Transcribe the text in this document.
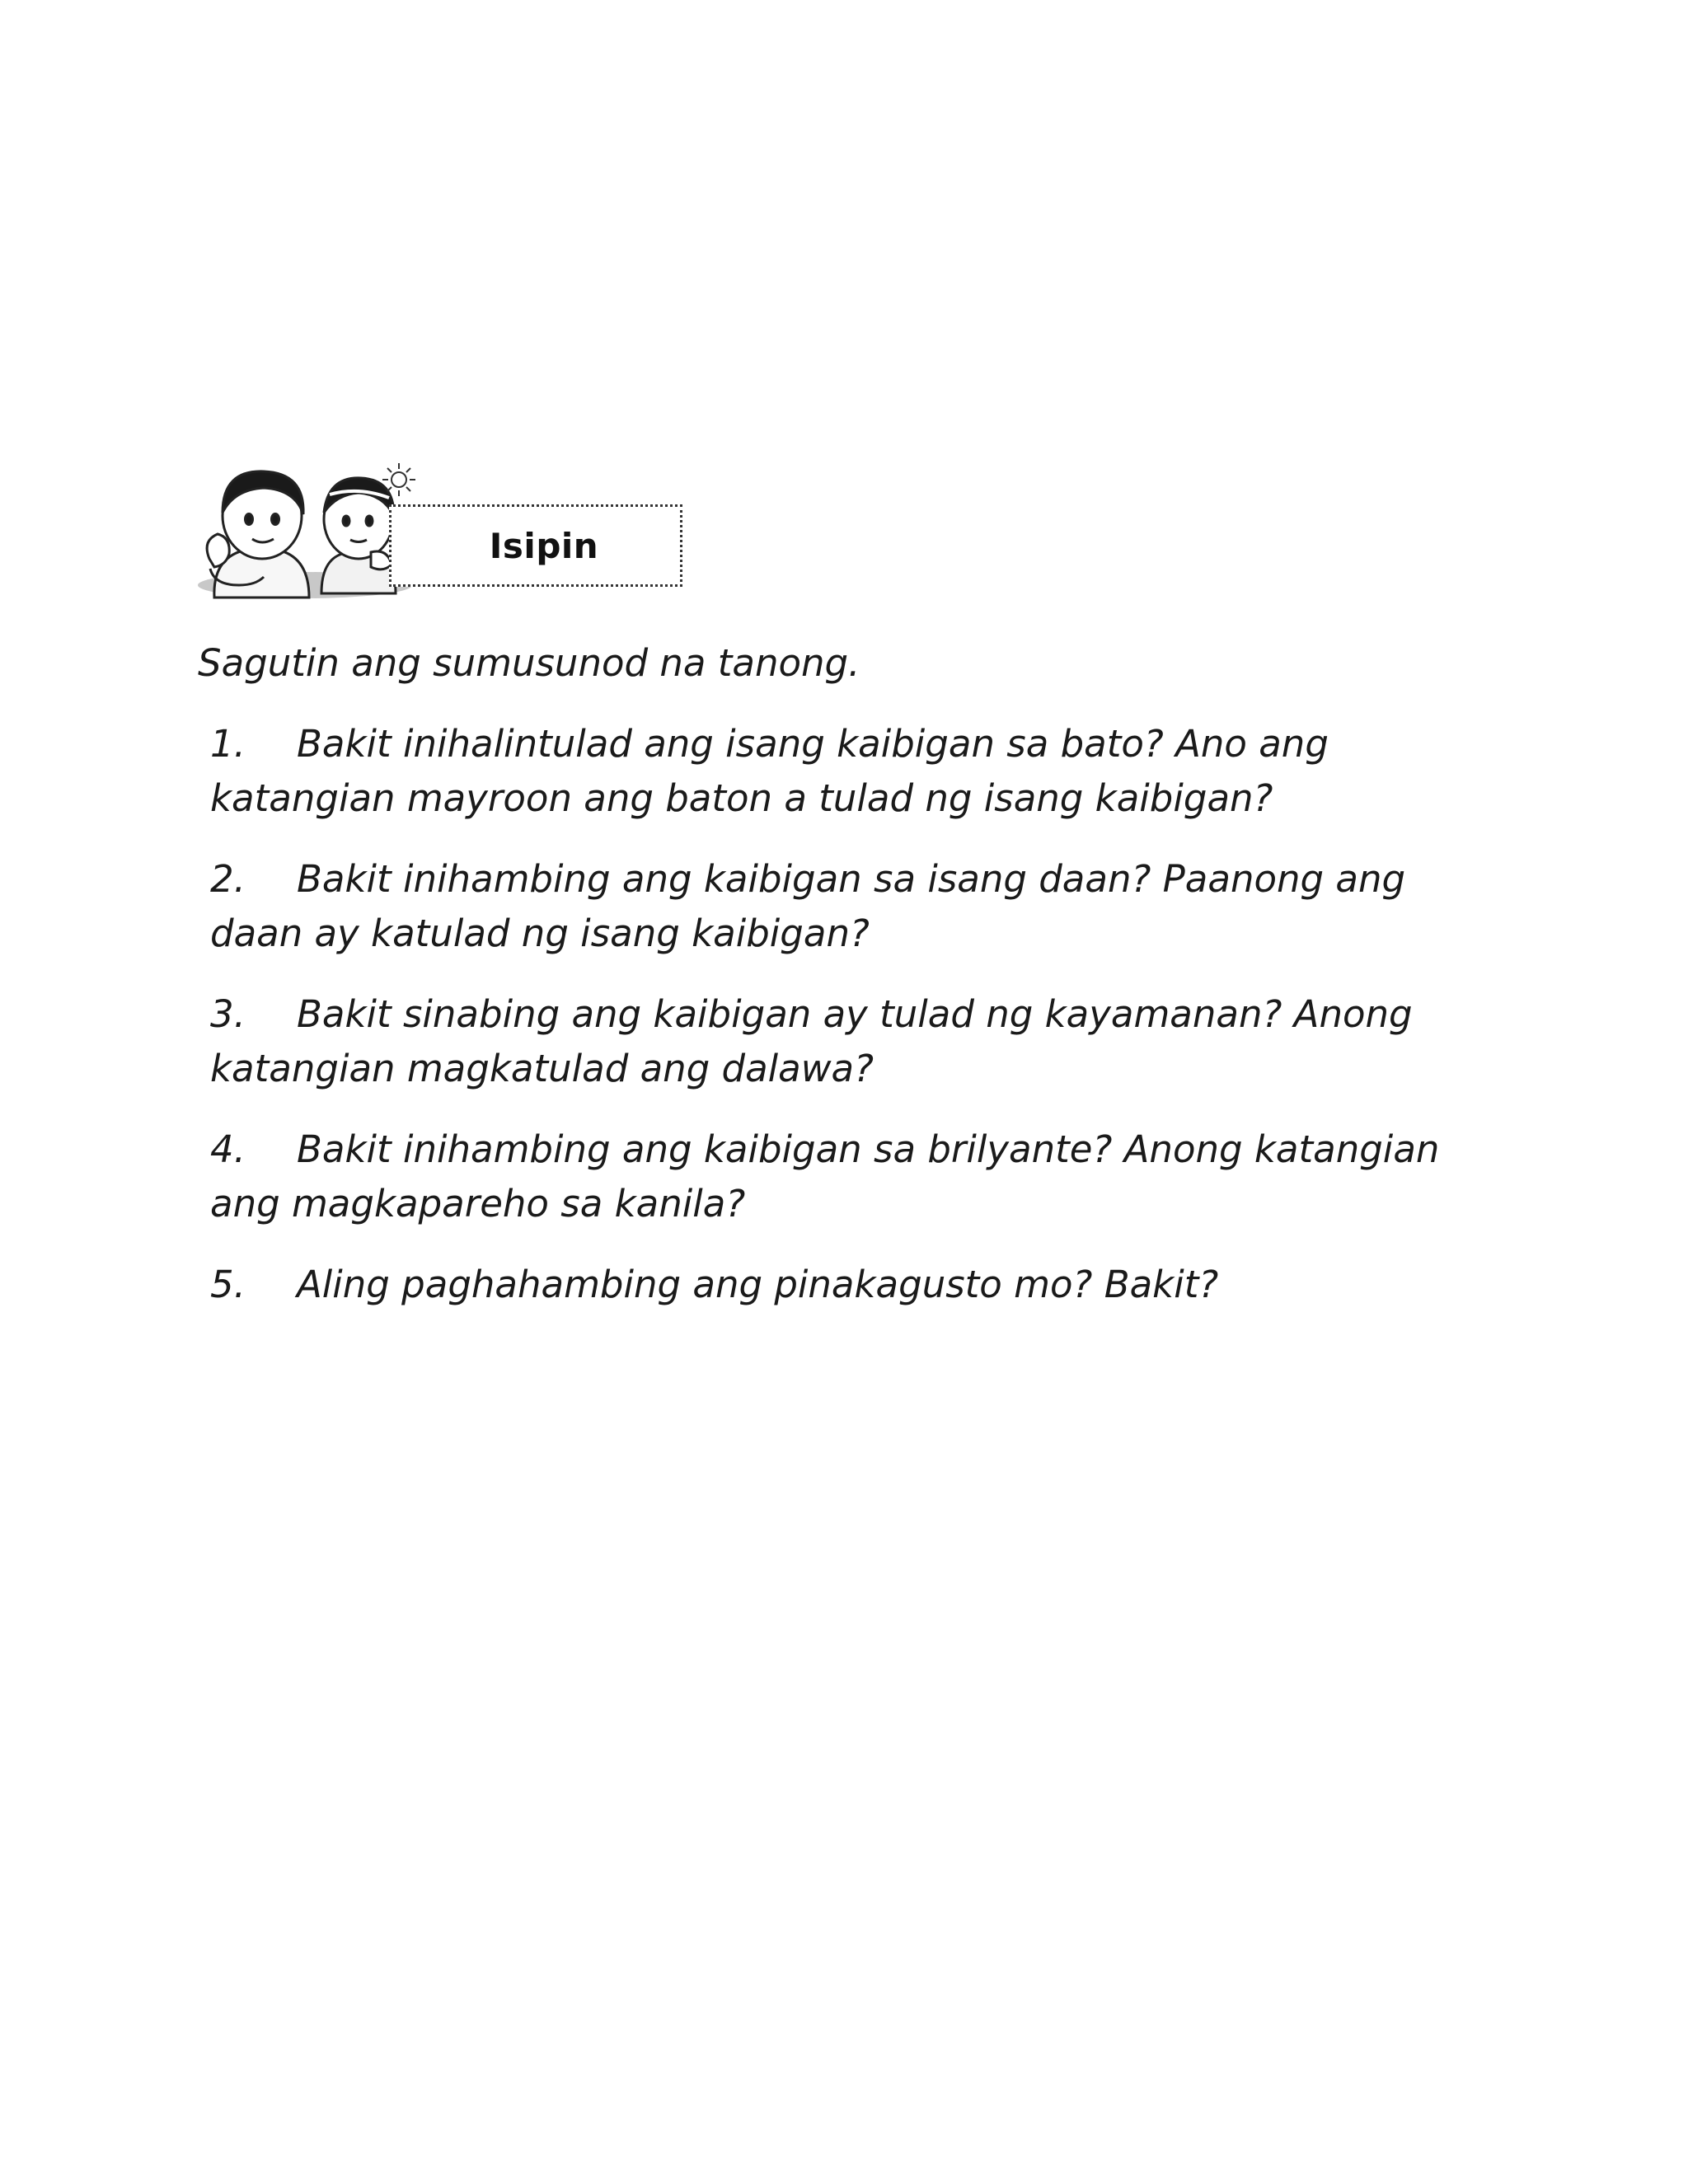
Isipin

Sagutin ang sumusunod na tanong.

1. Bakit inihalintulad ang isang kaibigan sa bato? Ano ang katangian mayroon ang baton a tulad ng isang kaibigan?
2. Bakit inihambing ang kaibigan sa isang daan? Paanong ang daan ay katulad ng isang kaibigan?
3. Bakit sinabing ang kaibigan ay tulad ng kayamanan? Anong katangian magkatulad ang dalawa?
4. Bakit inihambing ang kaibigan sa brilyante? Anong katangian ang magkapareho sa kanila?
5. Aling paghahambing ang pinakagusto mo? Bakit?
